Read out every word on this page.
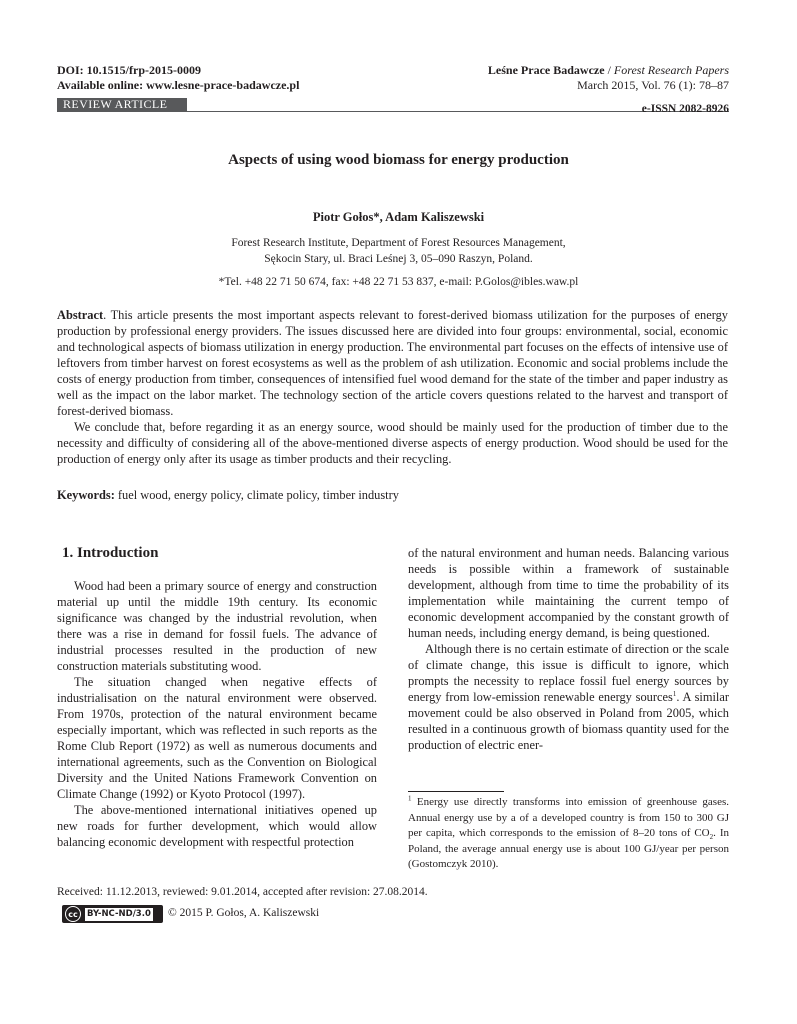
DOI: 10.1515/frp-2015-0009
Available online: www.lesne-prace-badawcze.pl
Leśne Prace Badawcze / Forest Research Papers
March 2015, Vol. 76 (1): 78–87
REVIEW ARTICLE	e-ISSN 2082-8926
Aspects of using wood biomass for energy production
Piotr Gołos*, Adam Kaliszewski
Forest Research Institute, Department of Forest Resources Management,
Sękocin Stary, ul. Braci Leśnej 3, 05–090 Raszyn, Poland.
*Tel. +48 22 71 50 674, fax: +48 22 71 53 837, e-mail: P.Golos@ibles.waw.pl

Abstract. This article presents the most important aspects relevant to forest-derived biomass utilization for the purposes of energy production by professional energy providers. The issues discussed here are divided into four groups: environmental, social, economic and technological aspects of biomass utilization in energy production. The environmental part focuses on the effects of intensive use of leftovers from timber harvest on forest ecosystems as well as the problem of ash utilization. Economic and social problems include the costs of energy production from timber, consequences of intensified fuel wood demand for the state of the timber and paper industry as well as the impact on the labor market. The technology section of the article covers questions related to the harvest and transport of forest-derived biomass.

We conclude that, before regarding it as an energy source, wood should be mainly used for the production of timber due to the necessity and difficulty of considering all of the above-mentioned diverse aspects of energy production. Wood should be used for the production of energy only after its usage as timber products and their recycling.

Keywords: fuel wood, energy policy, climate policy, timber industry
1. Introduction

Wood had been a primary source of energy and construction material up until the middle 19th century. Its economic significance was changed by the industrial revolution, when there was a rise in demand for fossil fuels. The advance of industrial processes resulted in the production of new construction materials substituting wood.

The situation changed when negative effects of industrialisation on the natural environment were observed. From 1970s, protection of the natural environment became especially important, which was reflected in such reports as the Rome Club Report (1972) as well as numerous documents and international agreements, such as the Convention on Biological Diversity and the United Nations Framework Convention on Climate Change (1992) or Kyoto Protocol (1997).

The above-mentioned international initiatives opened up new roads for further development, which would allow balancing economic development with respectful protection

of the natural environment and human needs. Balancing various needs is possible within a framework of sustainable development, although from time to time the probability of its implementation while maintaining the current tempo of economic development accompanied by the constant growth of human needs, including energy demand, is being questioned.

Although there is no certain estimate of direction or the scale of climate change, this issue is difficult to ignore, which prompts the necessity to replace fossil fuel energy sources by energy from low-emission renewable energy sources$^1$. A similar movement could be also observed in Poland from 2005, which resulted in a continuous growth of biomass quantity used for the production of electric ener-

$^1$ Energy use directly transforms into emission of greenhouse gases. Annual energy use by a of a developed country is from 150 to 300 GJ per capita, which corresponds to the emission of 8–20 tons of $CO_2$. In Poland, the average annual energy use is about 100 GJ/year per person (Gostomczyk 2010).
Received: 11.12.2013, reviewed: 9.01.2014, accepted after revision: 27.08.2014.
cc	BY-NC-ND/3.0 © 2015 P. Gołos, A. Kaliszewski
